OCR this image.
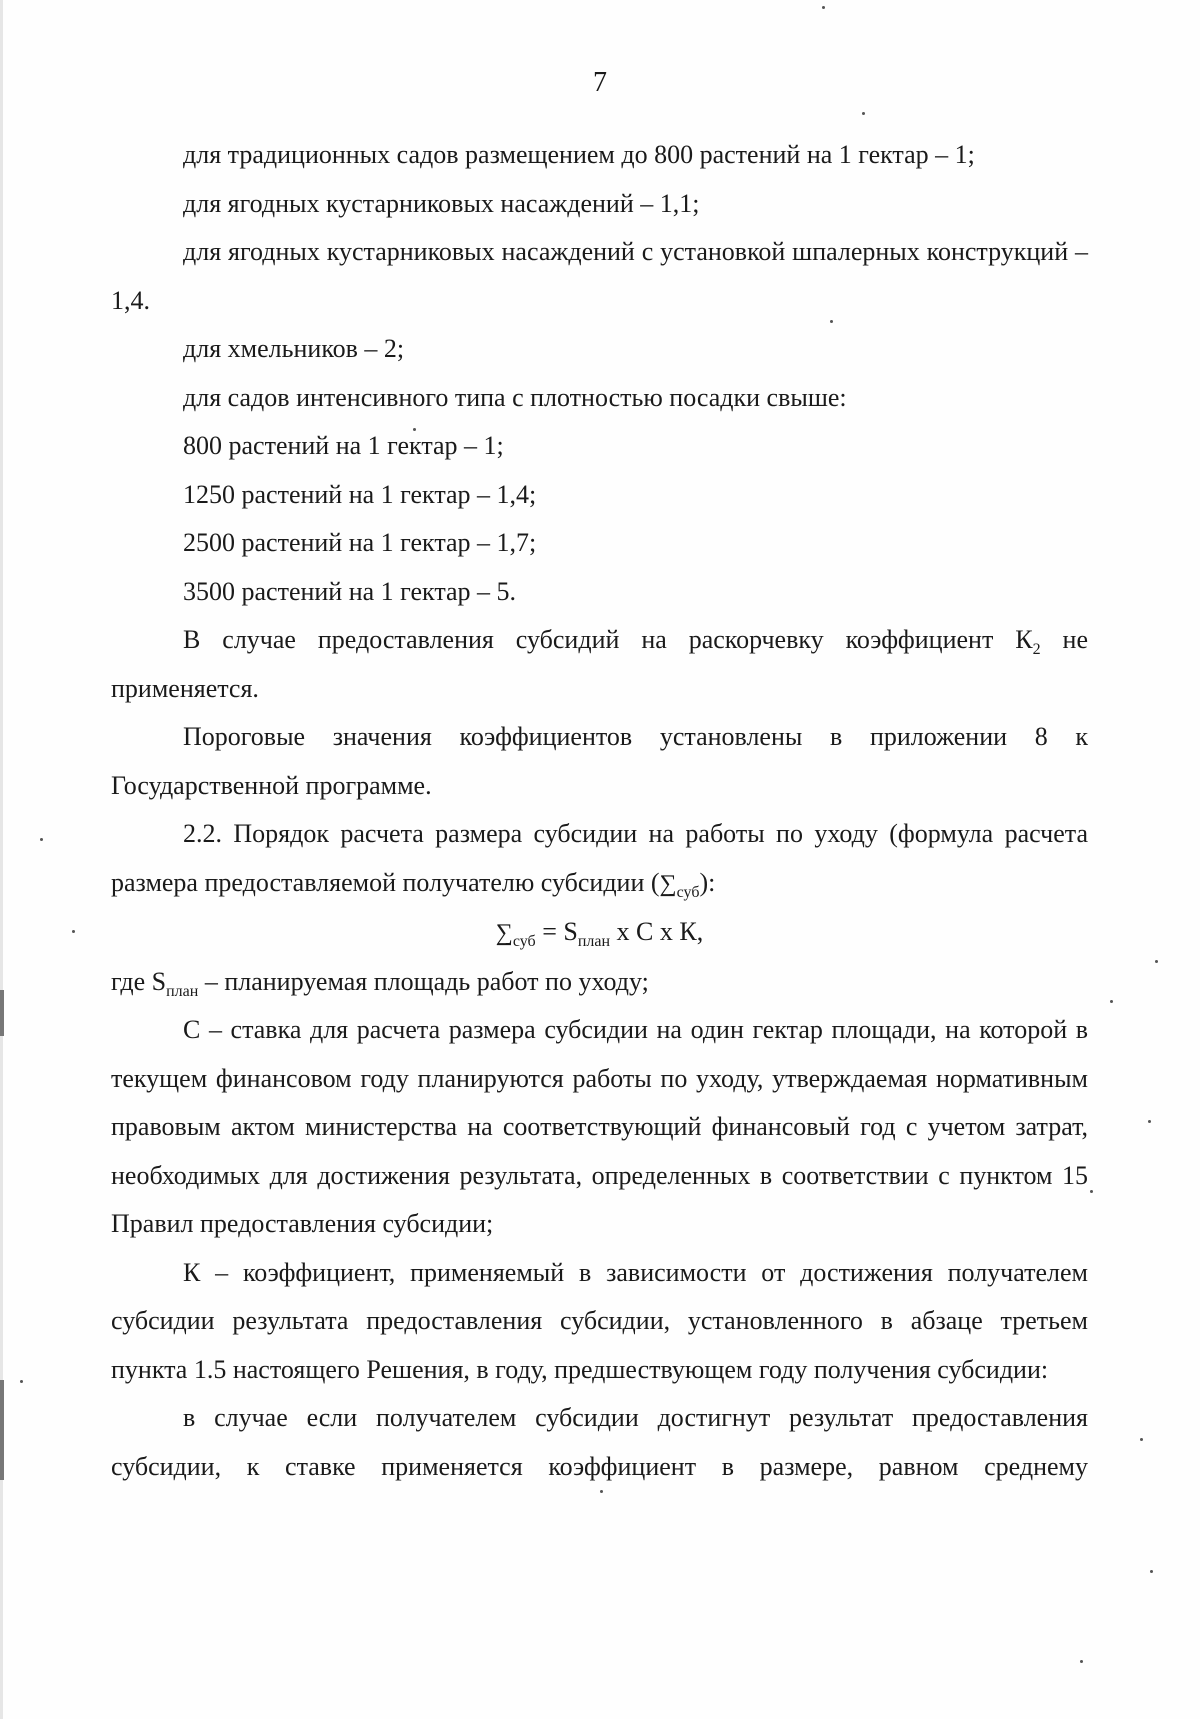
7

для традиционных садов размещением до 800 растений на 1 гектар – 1;

для ягодных кустарниковых насаждений – 1,1;

для ягодных кустарниковых насаждений с установкой шпалерных конструкций – 1,4.

для хмельников – 2;

для садов интенсивного типа с плотностью посадки свыше:

800 растений на 1 гектар – 1;

1250 растений на 1 гектар – 1,4;

2500 растений на 1 гектар – 1,7;

3500 растений на 1 гектар – 5.

В случае предоставления субсидий на раскорчевку коэффициент $К_2$ не применяется.

Пороговые значения коэффициентов установлены в приложении 8 к Государственной программе.

2.2. Порядок расчета размера субсидии на работы по уходу (формула расчета размера предоставляемой получателю субсидии $(\sum_{суб})$:

$\sum_{суб} = S_{план}$ х С х К,

где $S_{план}$ – планируемая площадь работ по уходу;

С – ставка для расчета размера субсидии на один гектар площади, на которой в текущем финансовом году планируются работы по уходу, утверждаемая нормативным правовым актом министерства на соответствующий финансовый год с учетом затрат, необходимых для достижения результата, определенных в соответствии с пунктом 15 Правил предоставления субсидии;

К – коэффициент, применяемый в зависимости от достижения получателем субсидии результата предоставления субсидии, установленного в абзаце третьем пункта 1.5 настоящего Решения, в году, предшествующем году получения субсидии:

в случае если получателем субсидии достигнут результат предоставления субсидии, к ставке применяется коэффициент в размере, равном среднему
